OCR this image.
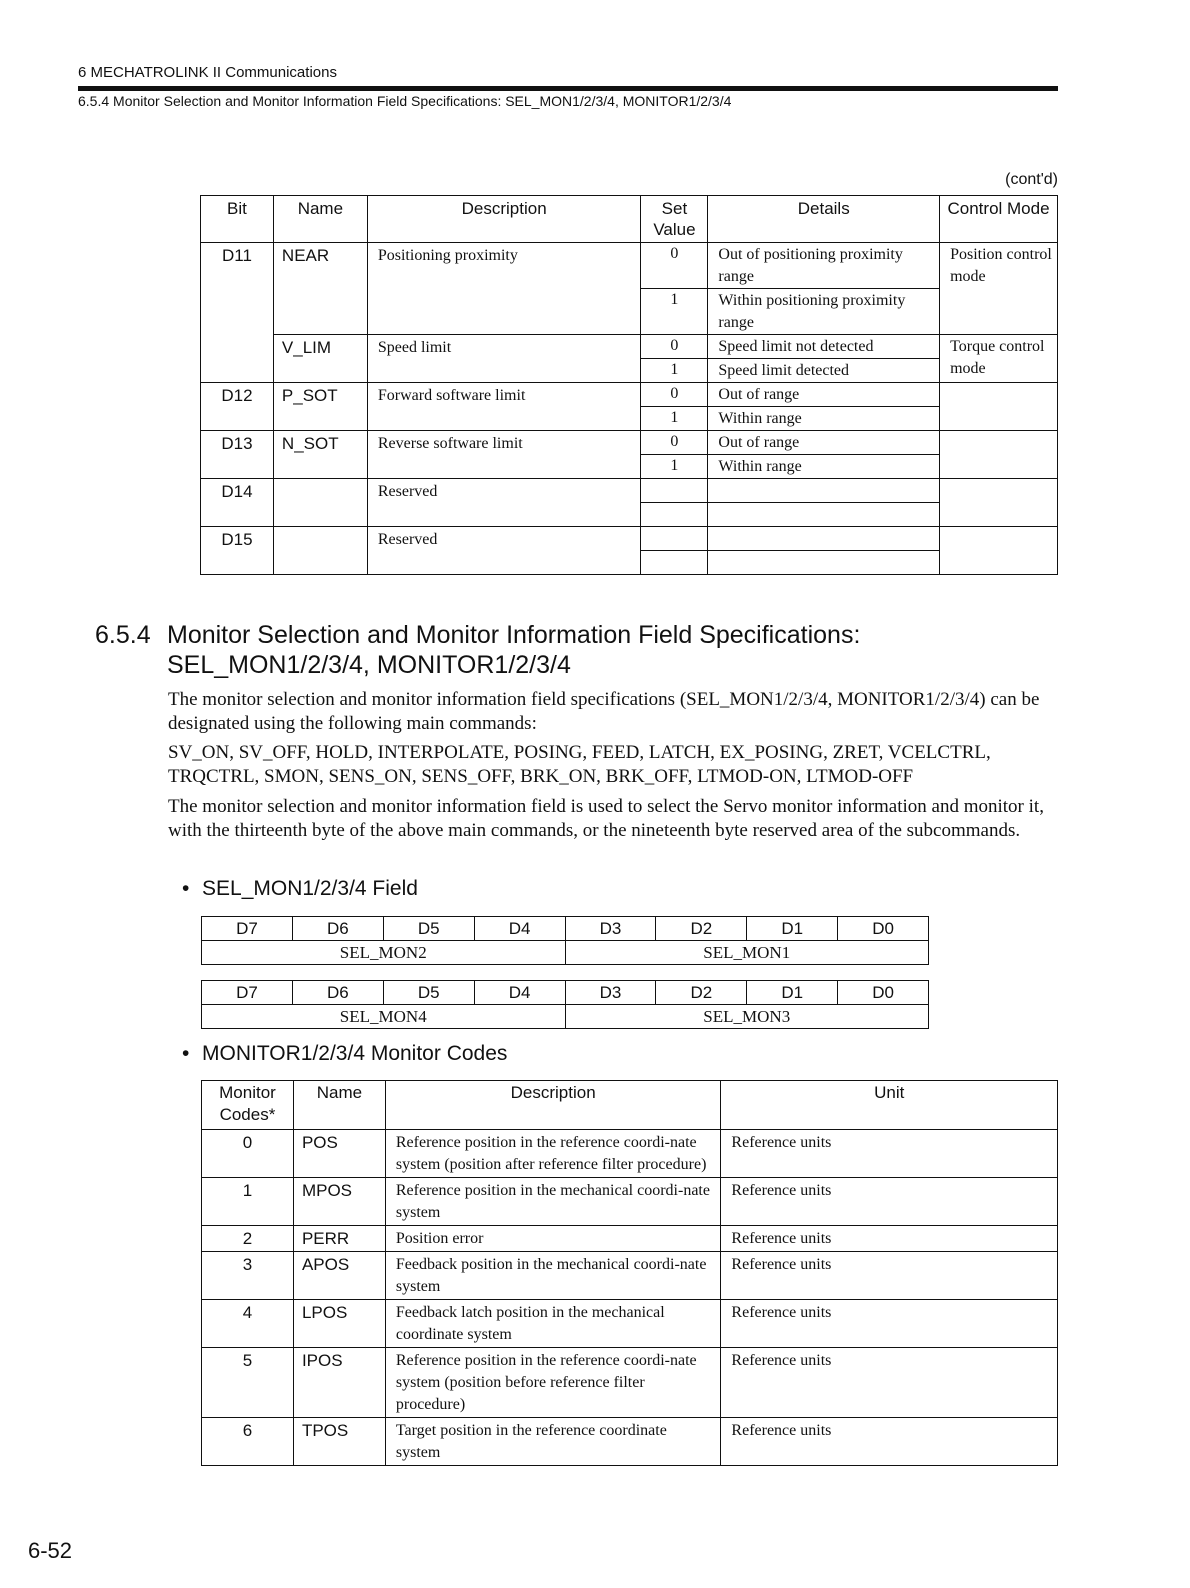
6 MECHATROLINK II Communications
6.5.4 Monitor Selection and Monitor Information Field Specifications: SEL_MON1/2/3/4, MONITOR1/2/3/4
(cont'd)
Bit	Name	Description	Set Value	Details	Control Mode
D11	NEAR	Positioning proximity	0	Out of positioning proximity range	Position control mode
			1	Within positioning proximity range	
	V_LIM	Speed limit	0	Speed limit not detected	Torque control mode
			1	Speed limit detected	
D12	P_SOT	Forward software limit	0	Out of range	
			1	Within range	
D13	N_SOT	Reverse software limit	0	Out of range	
			1	Within range	
D14		Reserved			

D15		Reserved			

6.5.4 Monitor Selection and Monitor Information Field Specifications:
SEL_MON1/2/3/4, MONITOR1/2/3/4
The monitor selection and monitor information field specifications (SEL_MON1/2/3/4, MONITOR1/2/3/4) can be designated using the following main commands:
SV_ON, SV_OFF, HOLD, INTERPOLATE, POSING, FEED, LATCH, EX_POSING, ZRET, VCELCTRL, TRQCTRL, SMON, SENS_ON, SENS_OFF, BRK_ON, BRK_OFF, LTMOD-ON, LTMOD-OFF
The monitor selection and monitor information field is used to select the Servo monitor information and monitor it, with the thirteenth byte of the above main commands, or the nineteenth byte reserved area of the subcommands.
• SEL_MON1/2/3/4 Field
D7	D6	D5	D4	D3	D2	D1	D0
SEL_MON2				SEL_MON1			
D7	D6	D5	D4	D3	D2	D1	D0
SEL_MON4				SEL_MON3			
• MONITOR1/2/3/4 Monitor Codes
Monitor Codes*	Name	Description	Unit
0	POS	Reference position in the reference coordi-nate system (position after reference filter procedure)	Reference units
1	MPOS	Reference position in the mechanical coordi-nate system	Reference units
2	PERR	Position error	Reference units
3	APOS	Feedback position in the mechanical coordi-nate system	Reference units
4	LPOS	Feedback latch position in the mechanical coordinate system	Reference units
5	IPOS	Reference position in the reference coordi-nate system (position before reference filter procedure)	Reference units
6	TPOS	Target position in the reference coordinate system	Reference units
6-52
